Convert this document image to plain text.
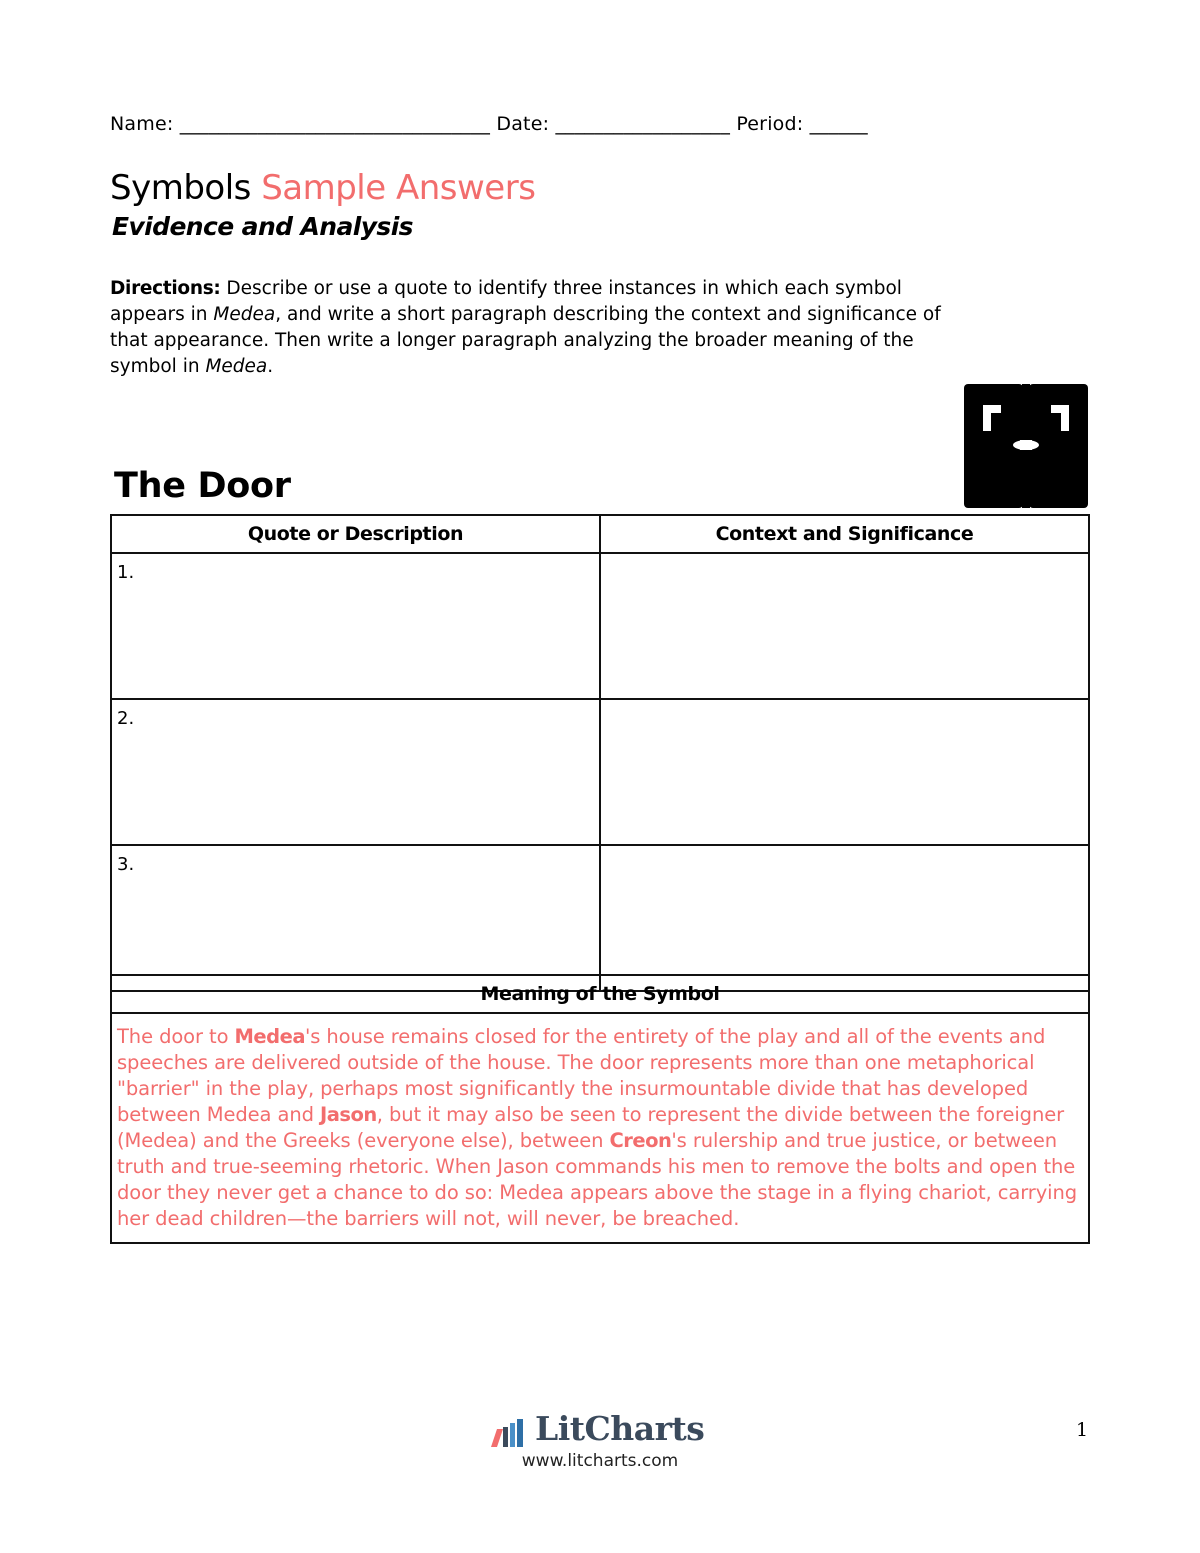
Name: ________________________________ Date: __________________ Period: ______
Symbols Sample Answers
Evidence and Analysis

Directions: Describe or use a quote to identify three instances in which each symbol appears in Medea, and write a short paragraph describing the context and significance of that appearance. Then write a longer paragraph analyzing the broader meaning of the symbol in Medea.

The Door
Quote or Description	Context and Significance
1.	
2.	
3.	
Meaning of the Symbol
The door to Medea's house remains closed for the entirety of the play and all of the events and speeches are delivered outside of the house. The door represents more than one metaphorical "barrier" in the play, perhaps most significantly the insurmountable divide that has developed between Medea and Jason, but it may also be seen to represent the divide between the foreigner (Medea) and the Greeks (everyone else), between Creon's rulership and true justice, or between truth and true-seeming rhetoric. When Jason commands his men to remove the bolts and open the door they never get a chance to do so: Medea appears above the stage in a flying chariot, carrying her dead children—the barriers will not, will never, be breached.
LitCharts
www.litcharts.com
1
